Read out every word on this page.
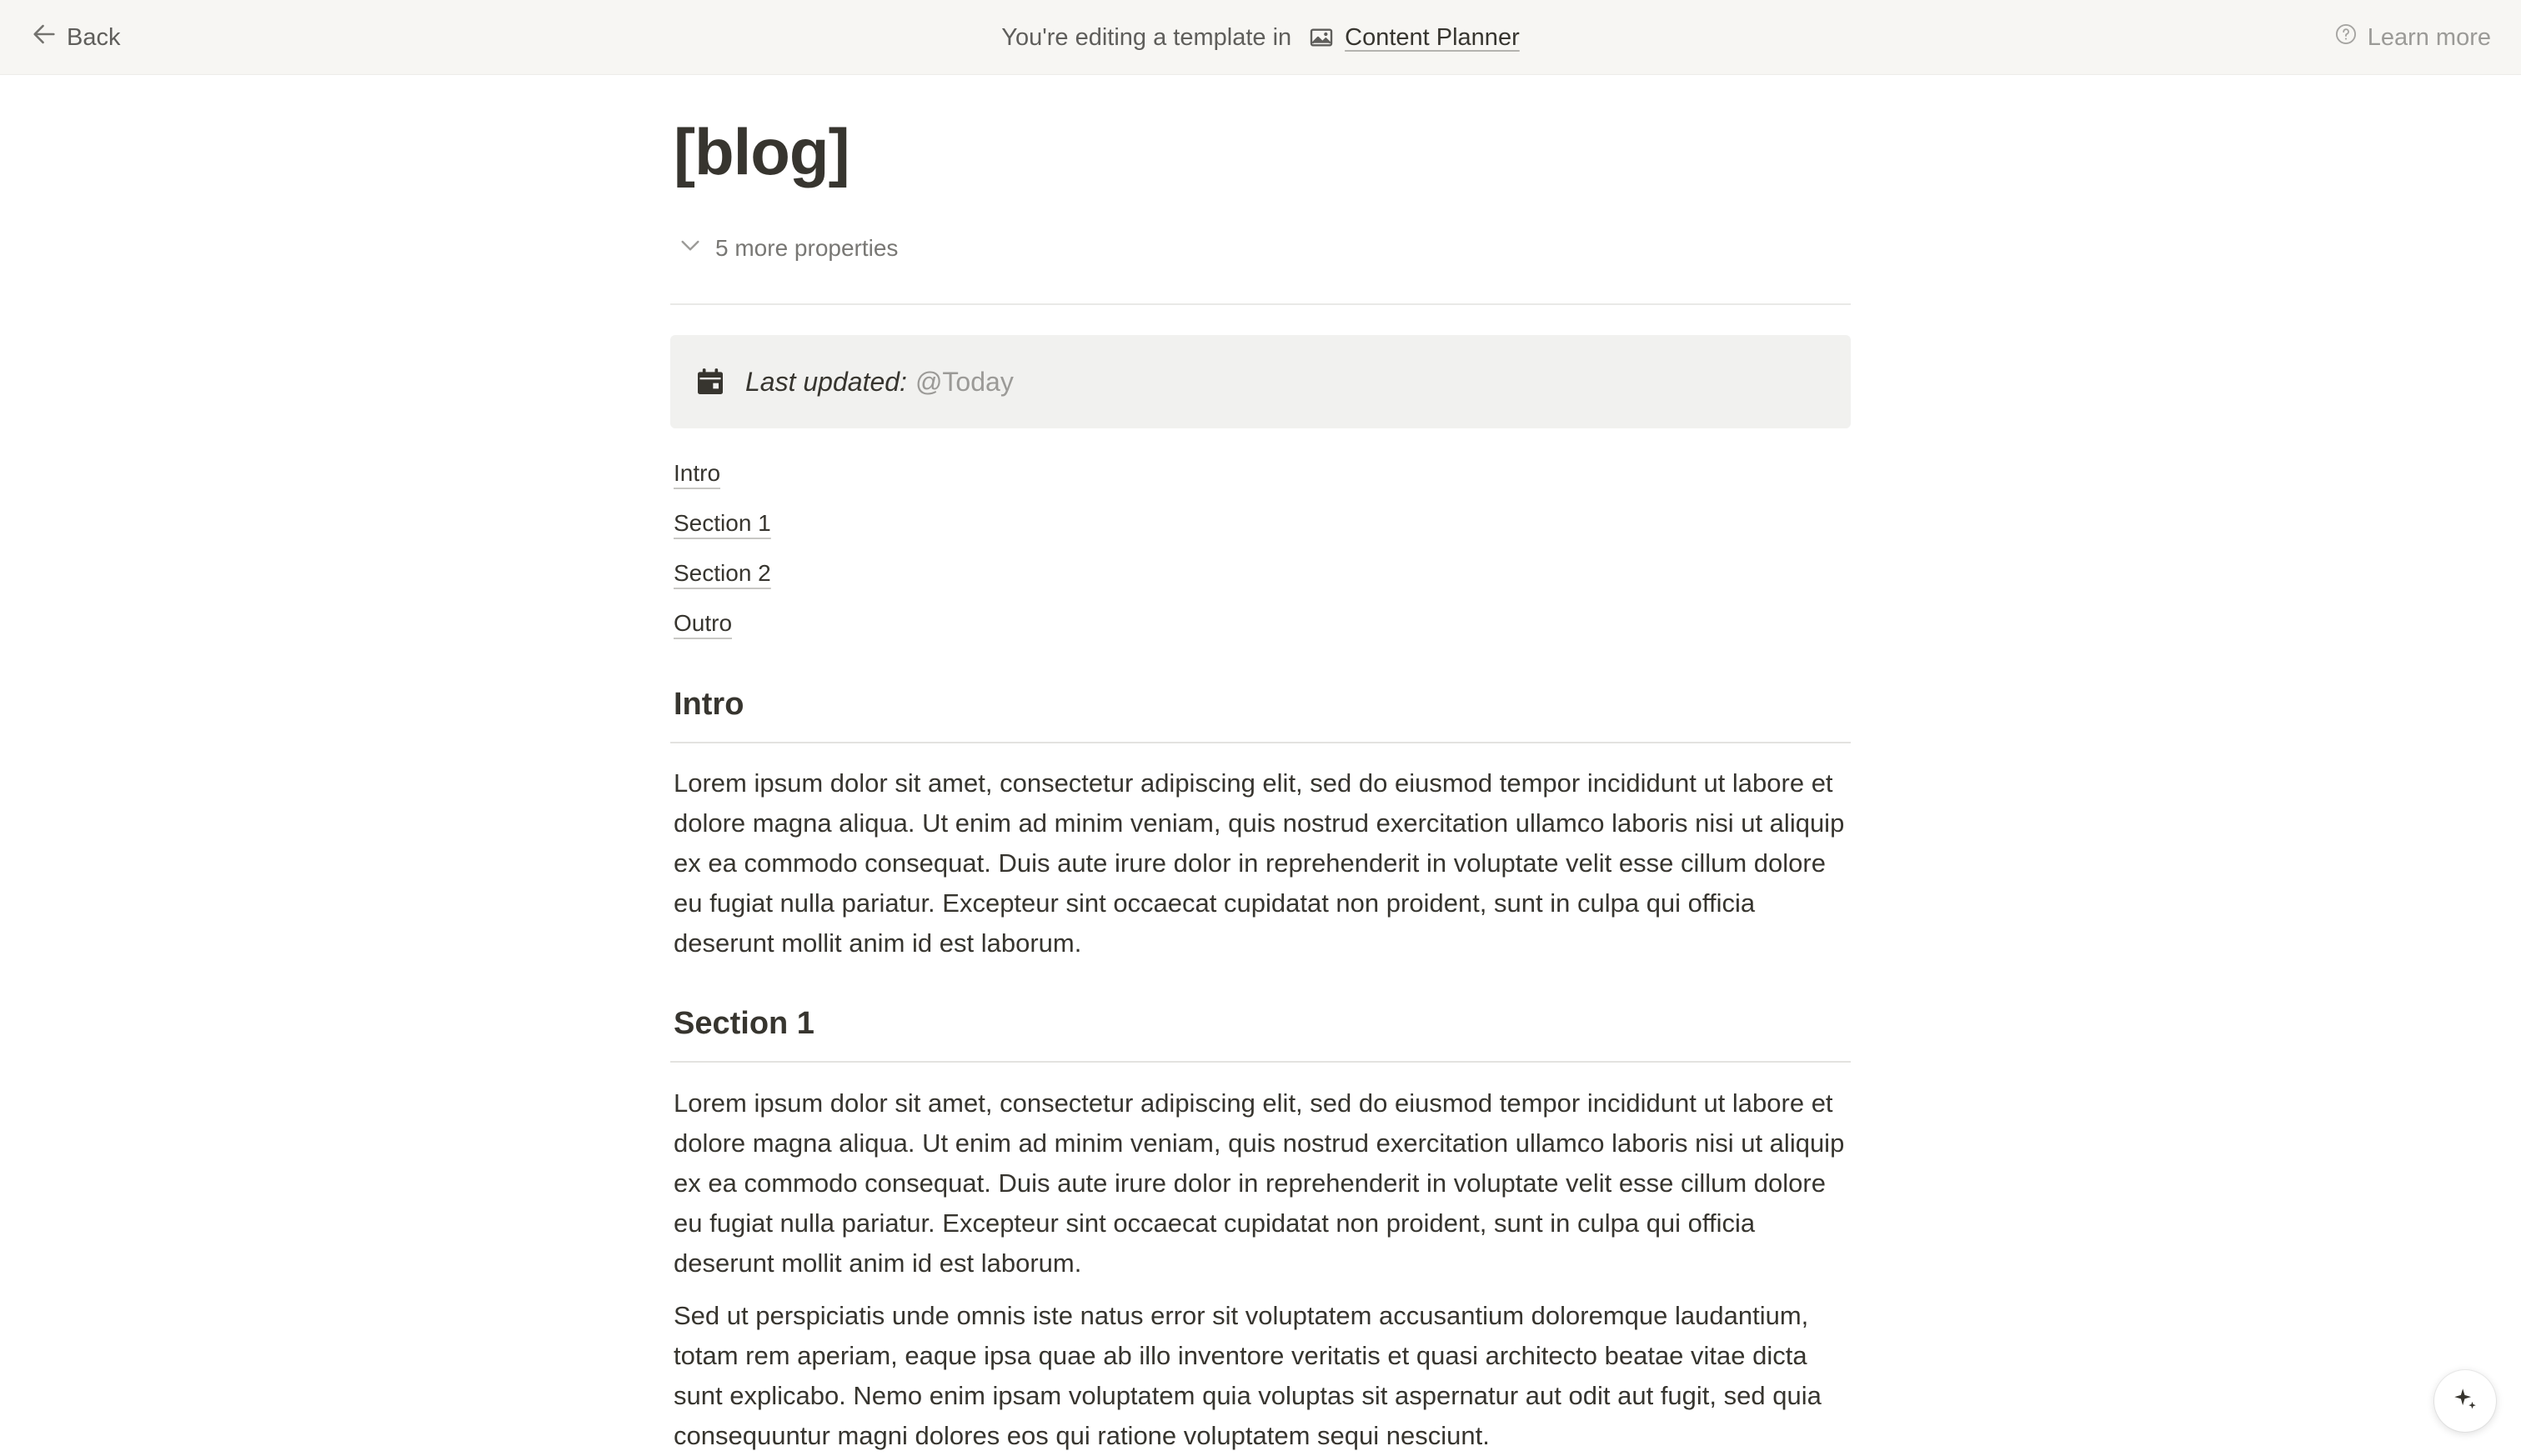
Back	You're editing a template in Content Planner	Learn more
[blog]
5 more properties
Last updated: @Today
Intro
Section 1
Section 2
Outro
Intro

Lorem ipsum dolor sit amet, consectetur adipiscing elit, sed do eiusmod tempor incididunt ut labore et dolore magna aliqua. Ut enim ad minim veniam, quis nostrud exercitation ullamco laboris nisi ut aliquip ex ea commodo consequat. Duis aute irure dolor in reprehenderit in voluptate velit esse cillum dolore eu fugiat nulla pariatur. Excepteur sint occaecat cupidatat non proident, sunt in culpa qui officia deserunt mollit anim id est laborum.

Section 1

Lorem ipsum dolor sit amet, consectetur adipiscing elit, sed do eiusmod tempor incididunt ut labore et dolore magna aliqua. Ut enim ad minim veniam, quis nostrud exercitation ullamco laboris nisi ut aliquip ex ea commodo consequat. Duis aute irure dolor in reprehenderit in voluptate velit esse cillum dolore eu fugiat nulla pariatur. Excepteur sint occaecat cupidatat non proident, sunt in culpa qui officia deserunt mollit anim id est laborum.

Sed ut perspiciatis unde omnis iste natus error sit voluptatem accusantium doloremque laudantium, totam rem aperiam, eaque ipsa quae ab illo inventore veritatis et quasi architecto beatae vitae dicta sunt explicabo. Nemo enim ipsam voluptatem quia voluptas sit aspernatur aut odit aut fugit, sed quia consequuntur magni dolores eos qui ratione voluptatem sequi nesciunt.
